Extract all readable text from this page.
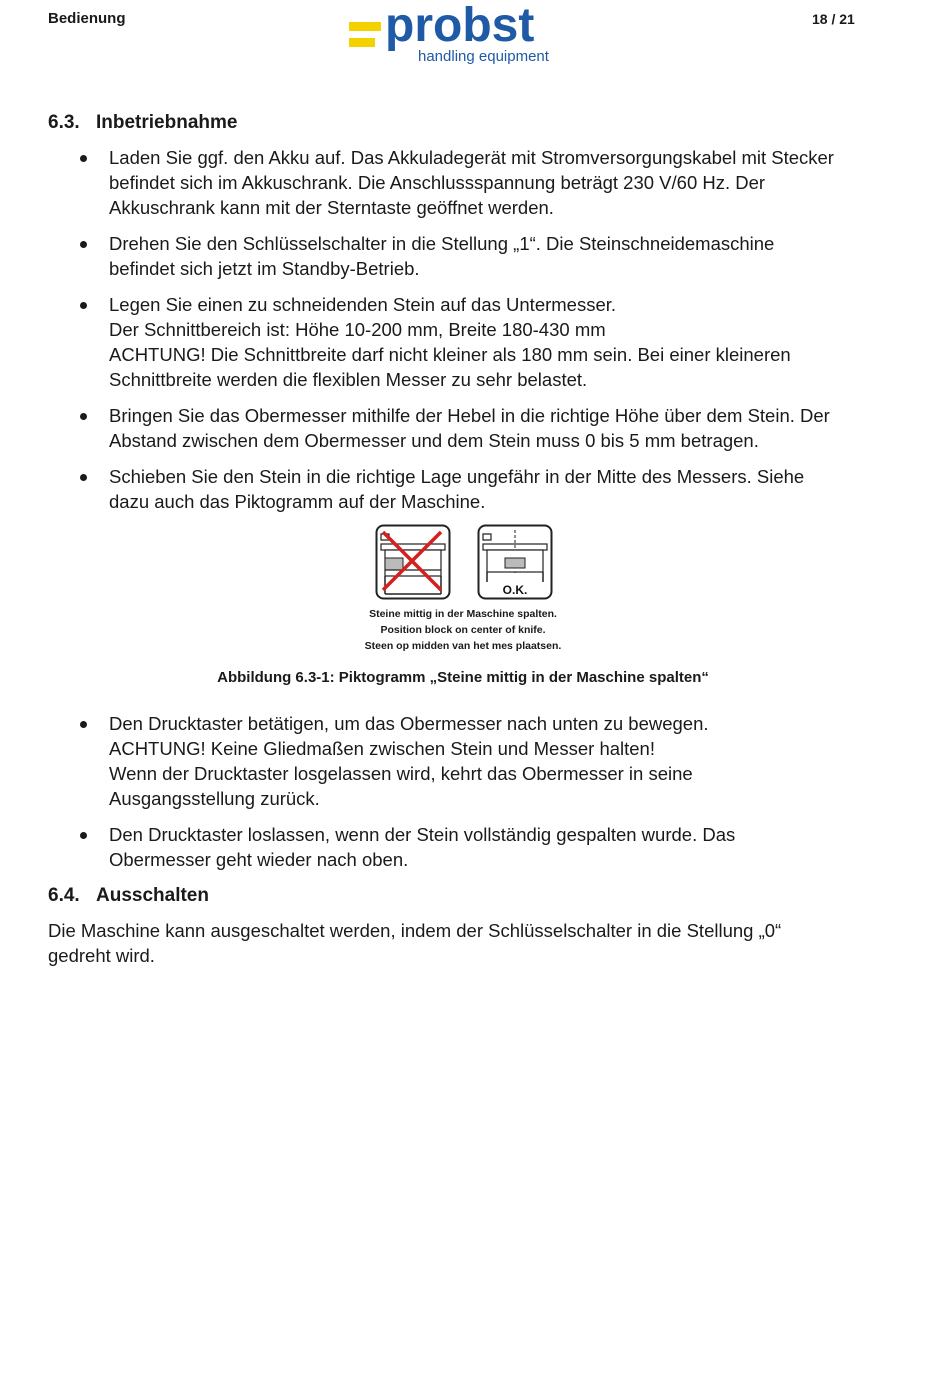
Bedienung	probst
handling equipment
18 / 21
6.3. Inbetriebnahme
Laden Sie ggf. den Akku auf. Das Akkuladegerät mit Stromversorgungskabel mit Stecker
befindet sich im Akkuschrank. Die Anschlussspannung beträgt 230 V/60 Hz. Der
Akkuschrank kann mit der Sterntaste geöffnet werden.
Drehen Sie den Schlüsselschalter in die Stellung „1“. Die Steinschneidemaschine
befindet sich jetzt im Standby-Betrieb.
Legen Sie einen zu schneidenden Stein auf das Untermesser.
Der Schnittbereich ist: Höhe 10-200 mm, Breite 180-430 mm
ACHTUNG! Die Schnittbreite darf nicht kleiner als 180 mm sein. Bei einer kleineren
Schnittbreite werden die flexiblen Messer zu sehr belastet.
Bringen Sie das Obermesser mithilfe der Hebel in die richtige Höhe über dem Stein. Der
Abstand zwischen dem Obermesser und dem Stein muss 0 bis 5 mm betragen.
Schieben Sie den Stein in die richtige Lage ungefähr in der Mitte des Messers. Siehe
dazu auch das Piktogramm auf der Maschine.
O.K.
Steine mittig in der Maschine spalten.
Position block on center of knife.
Steen op midden van het mes plaatsen.
Abbildung 6.3-1: Piktogramm „Steine mittig in der Maschine spalten“
Den Drucktaster betätigen, um das Obermesser nach unten zu bewegen.
ACHTUNG! Keine Gliedmaßen zwischen Stein und Messer halten!
Wenn der Drucktaster losgelassen wird, kehrt das Obermesser in seine
Ausgangsstellung zurück.
Den Drucktaster loslassen, wenn der Stein vollständig gespalten wurde. Das
Obermesser geht wieder nach oben.
6.4. Ausschalten

Die Maschine kann ausgeschaltet werden, indem der Schlüsselschalter in die Stellung „0“
gedreht wird.
